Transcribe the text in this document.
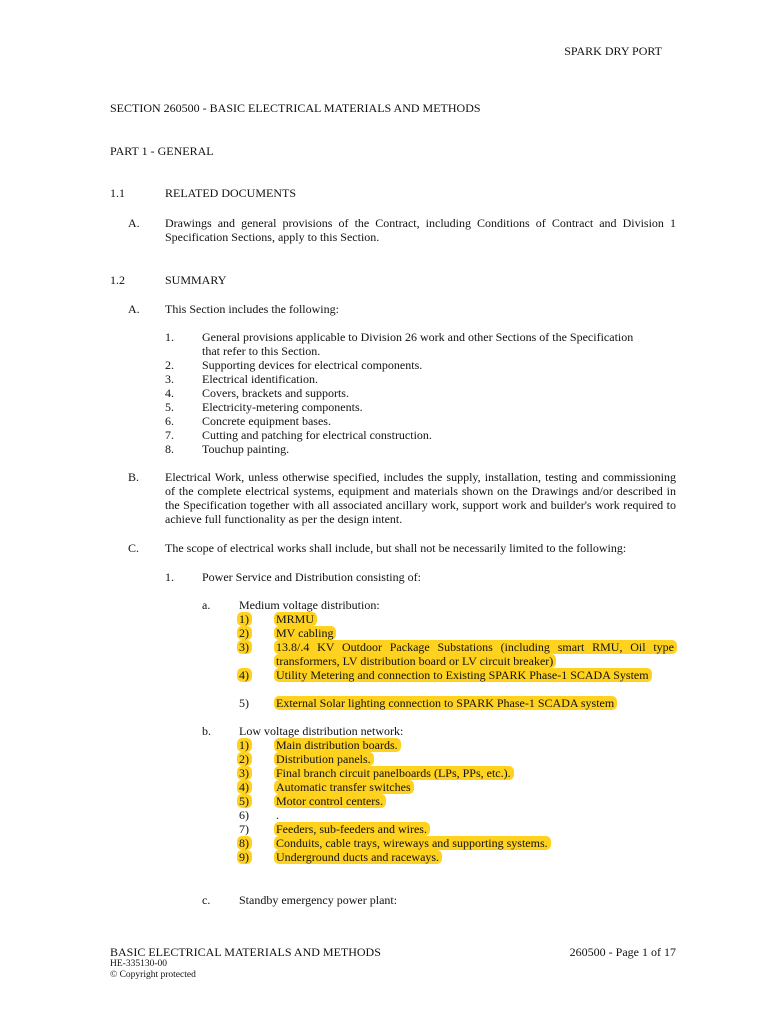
SPARK DRY PORT
SECTION 260500 - BASIC ELECTRICAL MATERIALS AND METHODS
PART 1 - GENERAL
1.1	RELATED DOCUMENTS
A. Drawings and general provisions of the Contract, including Conditions of Contract and Division 1 Specification Sections, apply to this Section.
1.2	SUMMARY
A. This Section includes the following:
1. General provisions applicable to Division 26 work and other Sections of the Specification
that refer to this Section.
2. Supporting devices for electrical components.
3. Electrical identification.
4. Covers, brackets and supports.
5. Electricity-metering components.
6. Concrete equipment bases.
7. Cutting and patching for electrical construction.
8. Touchup painting.
B. Electrical Work, unless otherwise specified, includes the supply, installation, testing and commissioning of the complete electrical systems, equipment and materials shown on the Drawings and/or described in the Specification together with all associated ancillary work, support work and builder's work required to achieve full functionality as per the design intent.
C. The scope of electrical works shall include, but shall not be necessarily limited to the following:
1. Power Service and Distribution consisting of:
a. Medium voltage distribution:
1) MRMU
2) MV cabling
3) 13.8/.4 KV Outdoor Package Substations (including smart RMU, Oil type transformers, LV distribution board or LV circuit breaker)
4) Utility Metering and connection to Existing SPARK Phase-1 SCADA System
5) External Solar lighting connection to SPARK Phase-1 SCADA system
b. Low voltage distribution network:
1) Main distribution boards.
2) Distribution panels.
3) Final branch circuit panelboards (LPs, PPs, etc.).
4) Automatic transfer switches
5) Motor control centers.
6) .
7) Feeders, sub-feeders and wires.
8) Conduits, cable trays, wireways and supporting systems.
9) Underground ducts and raceways.
c. Standby emergency power plant:
BASIC ELECTRICAL MATERIALS AND METHODS	260500 - Page 1 of 17
HE-335130-00
© Copyright protected
